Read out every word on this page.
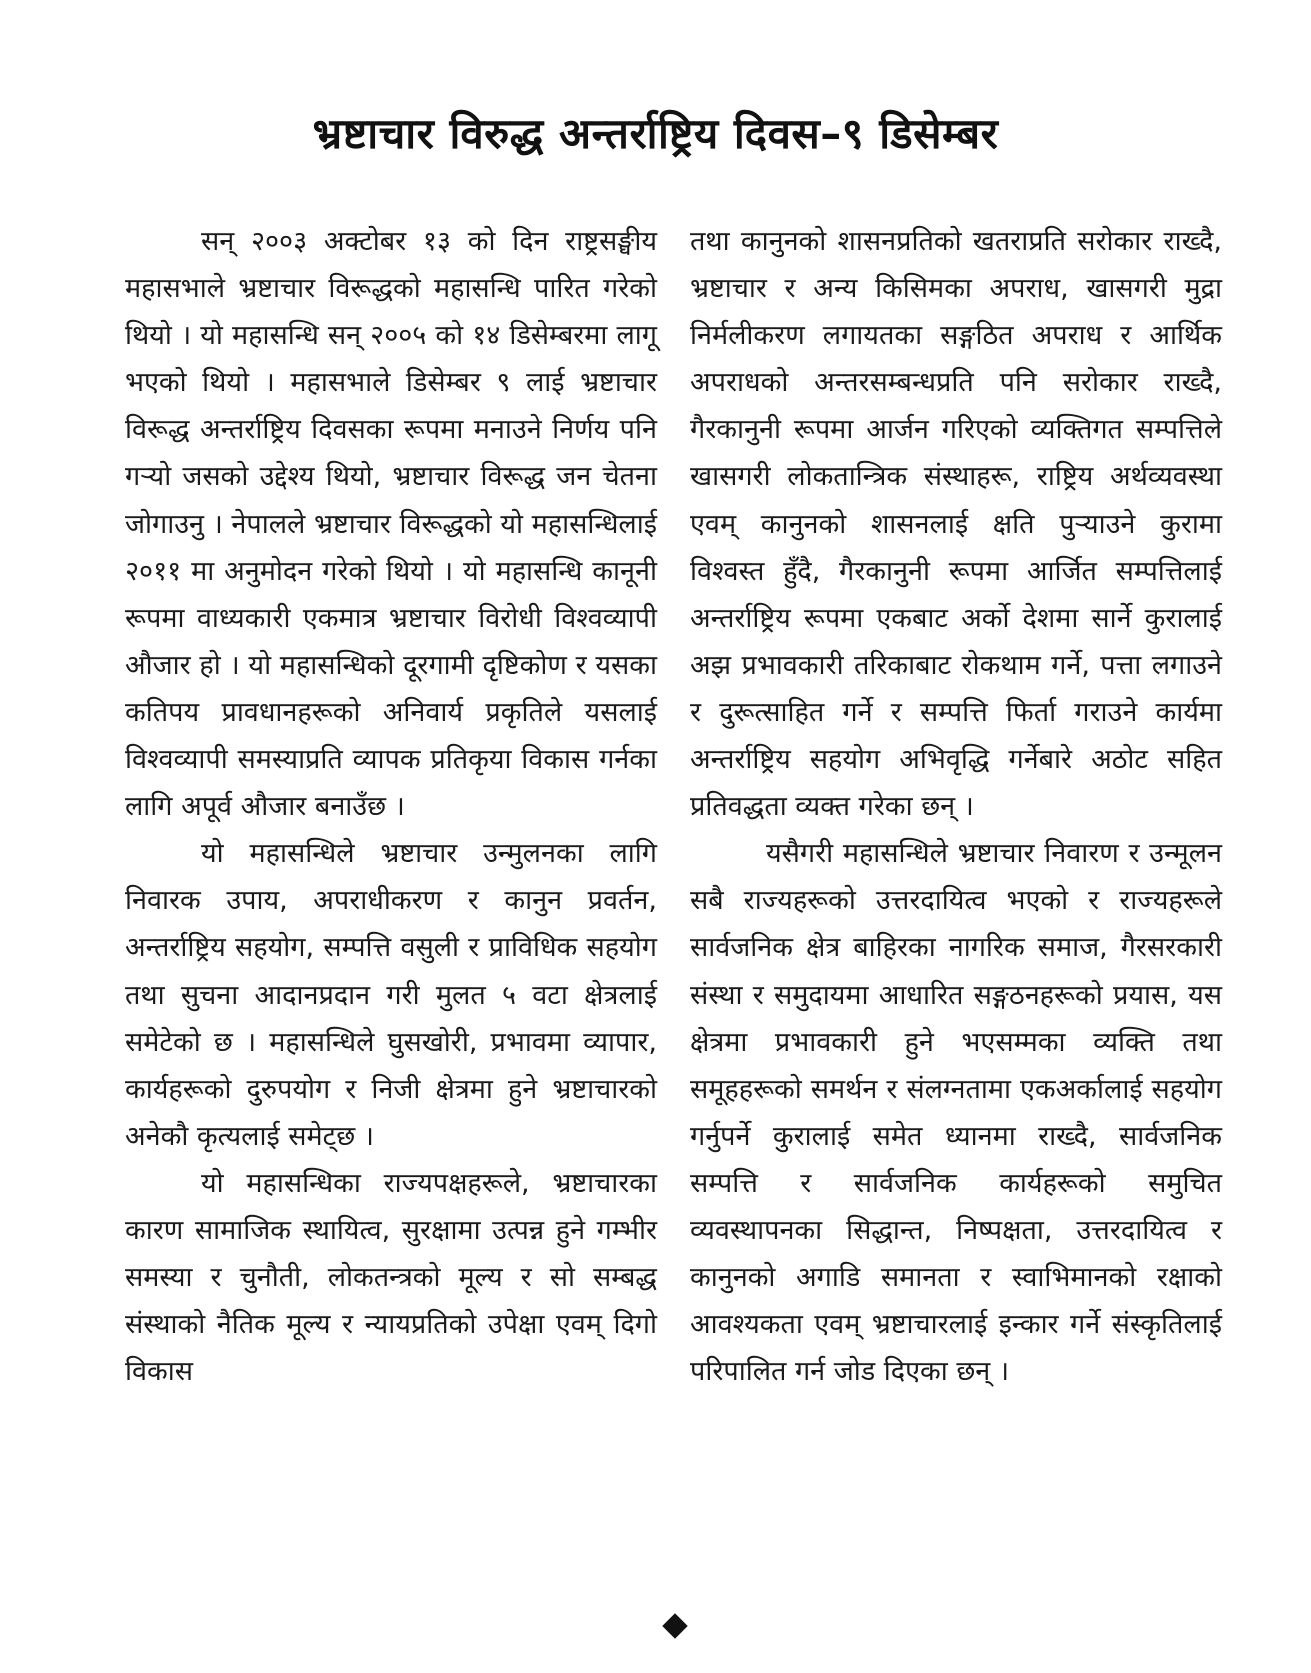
भ्रष्टाचार विरुद्ध अन्तर्राष्ट्रिय दिवस–९ डिसेम्बर

सन् २००३ अक्टोबर १३ को दिन राष्ट्रसङ्घीय महासभाले भ्रष्टाचार विरूद्धको महासन्धि पारित गरेको थियो । यो महासन्धि सन् २००५ को १४ डिसेम्बरमा लागू भएको थियो । महासभाले डिसेम्बर ९ लाई भ्रष्टाचार विरूद्ध अन्तर्राष्ट्रिय दिवसका रूपमा मनाउने निर्णय पनि गऱ्यो जसको उद्देश्य थियो, भ्रष्टाचार विरूद्ध जन चेतना जोगाउनु । नेपालले भ्रष्टाचार विरूद्धको यो महासन्धिलाई २०११ मा अनुमोदन गरेको थियो । यो महासन्धि कानूनी रूपमा वाध्यकारी एकमात्र भ्रष्टाचार विरोधी विश्वव्यापी औजार हो । यो महासन्धिको दूरगामी दृष्टिकोण र यसका कतिपय प्रावधानहरूको अनिवार्य प्रकृतिले यसलाई विश्वव्यापी समस्याप्रति व्यापक प्रतिकृया विकास गर्नका लागि अपूर्व औजार बनाउँछ ।

यो महासन्धिले भ्रष्टाचार उन्मुलनका लागि निवारक उपाय, अपराधीकरण र कानुन प्रवर्तन, अन्तर्राष्ट्रिय सहयोग, सम्पत्ति वसुली र प्राविधिक सहयोग तथा सुचना आदानप्रदान गरी मुलत ५ वटा क्षेत्रलाई समेटेको छ । महासन्धिले घुसखोरी, प्रभावमा व्यापार, कार्यहरूको दुरुपयोग र निजी क्षेत्रमा हुने भ्रष्टाचारको अनेकौ कृत्यलाई समेट्छ ।

यो महासन्धिका राज्यपक्षहरूले, भ्रष्टाचारका कारण सामाजिक स्थायित्व, सुरक्षामा उत्पन्न हुने गम्भीर समस्या र चुनौती, लोकतन्त्रको मूल्य र सो सम्बद्ध संस्थाको नैतिक मूल्य र न्यायप्रतिको उपेक्षा एवम् दिगो विकास

तथा कानुनको शासनप्रतिको खतराप्रति सरोकार राख्दै, भ्रष्टाचार र अन्य किसिमका अपराध, खासगरी मुद्रा निर्मलीकरण लगायतका सङ्गठित अपराध र आर्थिक अपराधको अन्तरसम्बन्धप्रति पनि सरोकार राख्दै, गैरकानुनी रूपमा आर्जन गरिएको व्यक्तिगत सम्पत्तिले खासगरी लोकतान्त्रिक संस्थाहरू, राष्ट्रिय अर्थव्यवस्था एवम् कानुनको शासनलाई क्षति पुऱ्याउने कुरामा विश्वस्त हुँदै, गैरकानुनी रूपमा आर्जित सम्पत्तिलाई अन्तर्राष्ट्रिय रूपमा एकबाट अर्को देशमा सार्ने कुरालाई अझ प्रभावकारी तरिकाबाट रोकथाम गर्ने, पत्ता लगाउने र दुरूत्साहित गर्ने र सम्पत्ति फिर्ता गराउने कार्यमा अन्तर्राष्ट्रिय सहयोग अभिवृद्धि गर्नेबारे अठोट सहित प्रतिवद्धता व्यक्त गरेका छन् ।

यसैगरी महासन्धिले भ्रष्टाचार निवारण र उन्मूलन सबै राज्यहरूको उत्तरदायित्व भएको र राज्यहरूले सार्वजनिक क्षेत्र बाहिरका नागरिक समाज, गैरसरकारी संस्था र समुदायमा आधारित सङ्गठनहरूको प्रयास, यस क्षेत्रमा प्रभावकारी हुने भएसम्मका व्यक्ति तथा समूहहरूको समर्थन र संलग्नतामा एकअर्कालाई सहयोग गर्नुपर्ने कुरालाई समेत ध्यानमा राख्दै, सार्वजनिक सम्पत्ति र सार्वजनिक कार्यहरूको समुचित व्यवस्थापनका सिद्धान्त, निष्पक्षता, उत्तरदायित्व र कानुनको अगाडि समानता र स्वाभिमानको रक्षाको आवश्यकता एवम् भ्रष्टाचारलाई इन्कार गर्ने संस्कृतिलाई परिपालित गर्न जोड दिएका छन् ।
